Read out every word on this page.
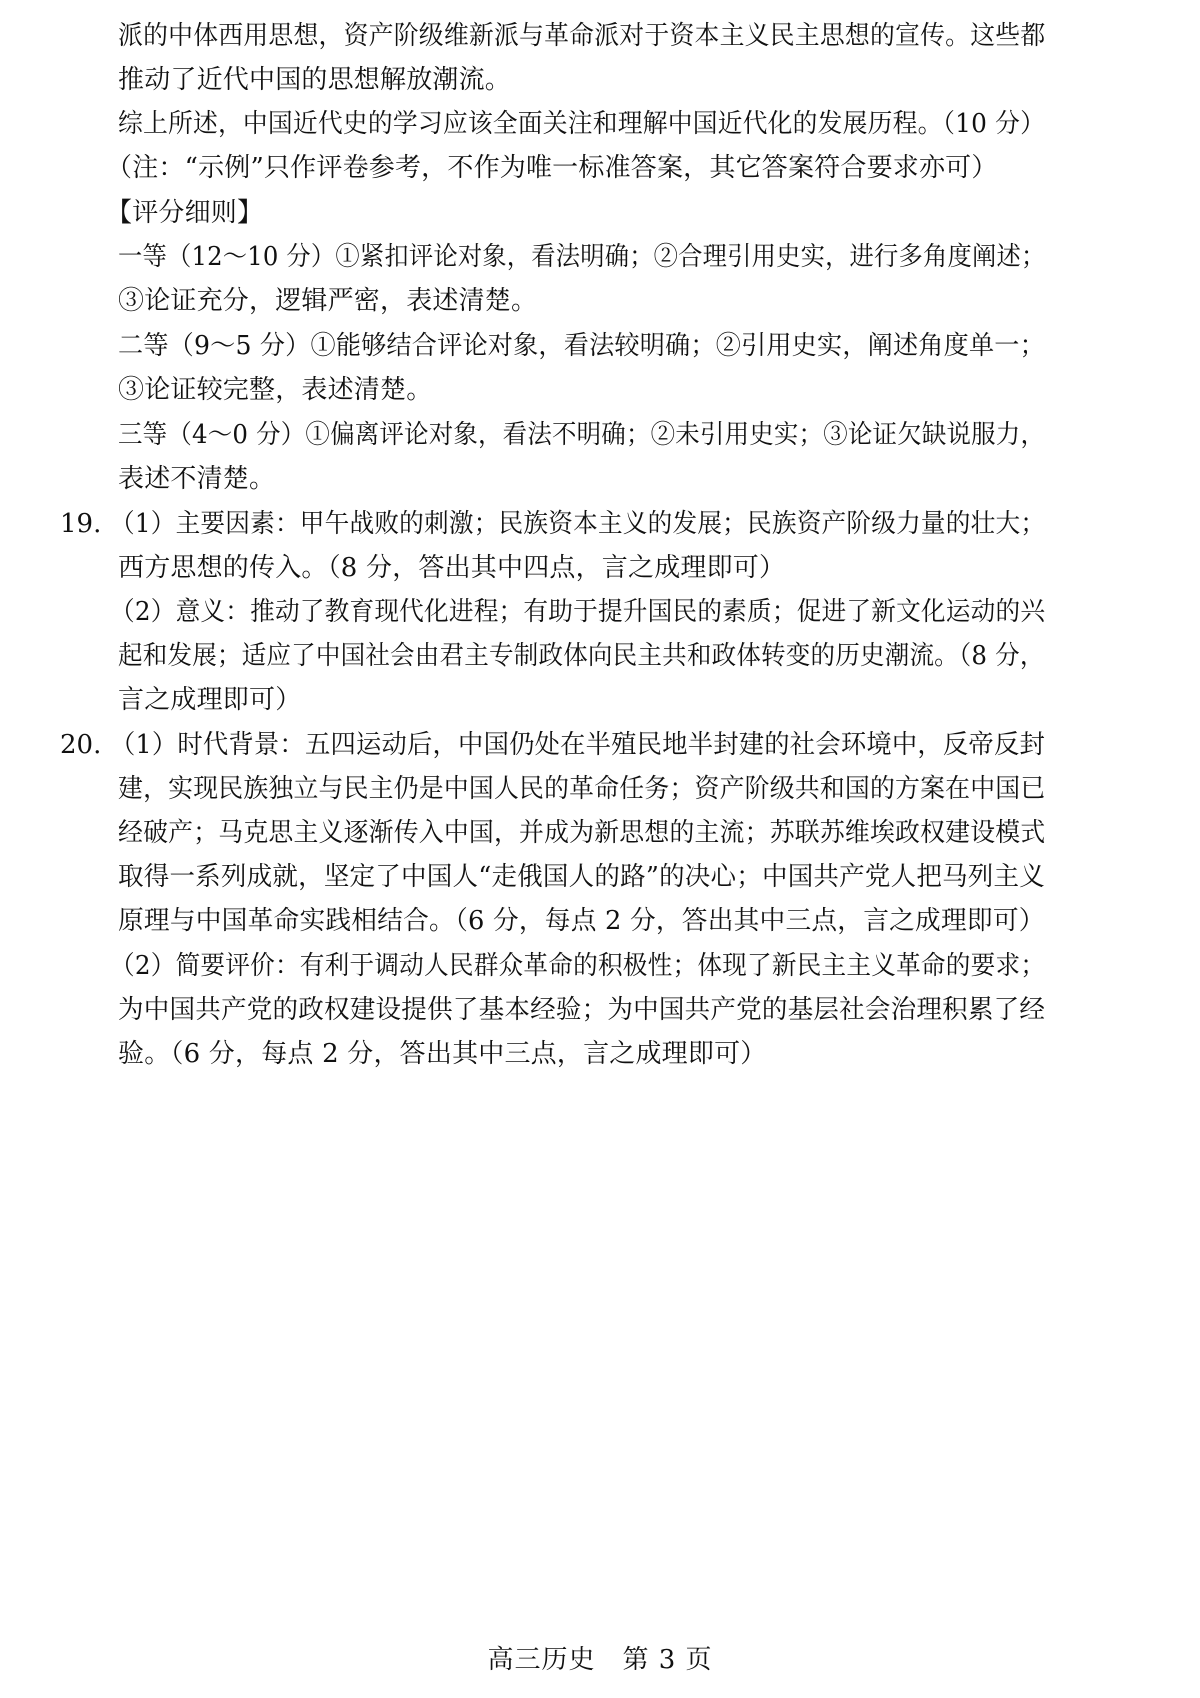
派的中体西用思想，资产阶级维新派与革命派对于资本主义民主思想的宣传。这些都
推动了近代中国的思想解放潮流。
综上所述，中国近代史的学习应该全面关注和理解中国近代化的发展历程。（10 分）
（注：“示例”只作评卷参考，不作为唯一标准答案，其它答案符合要求亦可）
【评分细则】
一等（12～10 分）①紧扣评论对象，看法明确；②合理引用史实，进行多角度阐述；
③论证充分，逻辑严密，表述清楚。
二等（9～5 分）①能够结合评论对象，看法较明确；②引用史实，阐述角度单一；
③论证较完整，表述清楚。
三等（4～0 分）①偏离评论对象，看法不明确；②未引用史实；③论证欠缺说服力，
表述不清楚。
19. （1）主要因素：甲午战败的刺激；民族资本主义的发展；民族资产阶级力量的壮大；
西方思想的传入。（8 分，答出其中四点，言之成理即可）
（2）意义：推动了教育现代化进程；有助于提升国民的素质；促进了新文化运动的兴
起和发展；适应了中国社会由君主专制政体向民主共和政体转变的历史潮流。（8 分，
言之成理即可）
20. （1）时代背景：五四运动后，中国仍处在半殖民地半封建的社会环境中，反帝反封
建，实现民族独立与民主仍是中国人民的革命任务；资产阶级共和国的方案在中国已
经破产；马克思主义逐渐传入中国，并成为新思想的主流；苏联苏维埃政权建设模式
取得一系列成就，坚定了中国人“走俄国人的路”的决心；中国共产党人把马列主义
原理与中国革命实践相结合。（6 分，每点 2 分，答出其中三点，言之成理即可）
（2）简要评价：有利于调动人民群众革命的积极性；体现了新民主主义革命的要求；
为中国共产党的政权建设提供了基本经验；为中国共产党的基层社会治理积累了经
验。（6 分，每点 2 分，答出其中三点，言之成理即可）
高三历史　第 3 页
